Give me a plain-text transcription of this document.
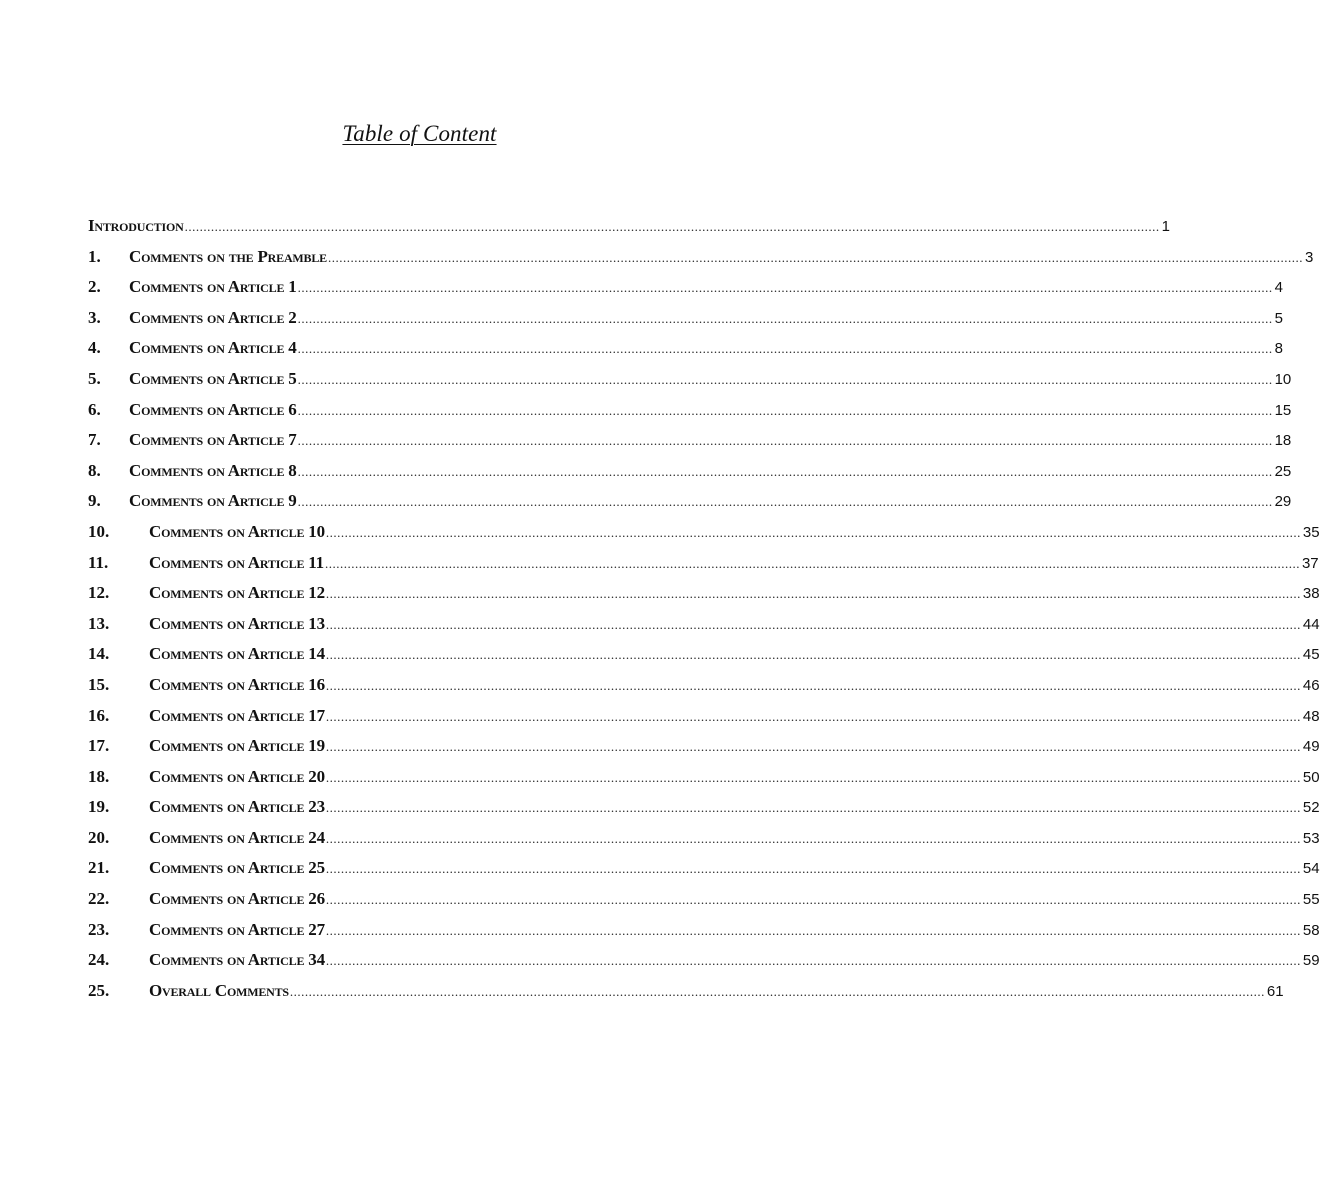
Table of Content
Introduction .................................................................................................................................................................................................................................................................... 1
1.	Comments on the Preamble .................................................................................................................................................................................................................................................................... 3
2.	Comments on Article 1 .................................................................................................................................................................................................................................................................... 4
3.	Comments on Article 2 .................................................................................................................................................................................................................................................................... 5
4.	Comments on Article 4 .................................................................................................................................................................................................................................................................... 8
5.	Comments on Article 5 .................................................................................................................................................................................................................................................................... 10
6.	Comments on Article 6 .................................................................................................................................................................................................................................................................... 15
7.	Comments on Article 7 .................................................................................................................................................................................................................................................................... 18
8.	Comments on Article 8 .................................................................................................................................................................................................................................................................... 25
9.	Comments on Article 9 .................................................................................................................................................................................................................................................................... 29
10.	Comments on Article 10 .................................................................................................................................................................................................................................................................... 35
11.	Comments on Article 11 .................................................................................................................................................................................................................................................................... 37
12.	Comments on Article 12 .................................................................................................................................................................................................................................................................... 38
13.	Comments on Article 13 .................................................................................................................................................................................................................................................................... 44
14.	Comments on Article 14 .................................................................................................................................................................................................................................................................... 45
15.	Comments on Article 16 .................................................................................................................................................................................................................................................................... 46
16.	Comments on Article 17 .................................................................................................................................................................................................................................................................... 48
17.	Comments on Article 19 .................................................................................................................................................................................................................................................................... 49
18.	Comments on Article 20 .................................................................................................................................................................................................................................................................... 50
19.	Comments on Article 23 .................................................................................................................................................................................................................................................................... 52
20.	Comments on Article 24 .................................................................................................................................................................................................................................................................... 53
21.	Comments on Article 25 .................................................................................................................................................................................................................................................................... 54
22.	Comments on Article 26 .................................................................................................................................................................................................................................................................... 55
23.	Comments on Article 27 .................................................................................................................................................................................................................................................................... 58
24.	Comments on Article 34 .................................................................................................................................................................................................................................................................... 59
25.	Overall Comments .................................................................................................................................................................................................................................................................... 61
